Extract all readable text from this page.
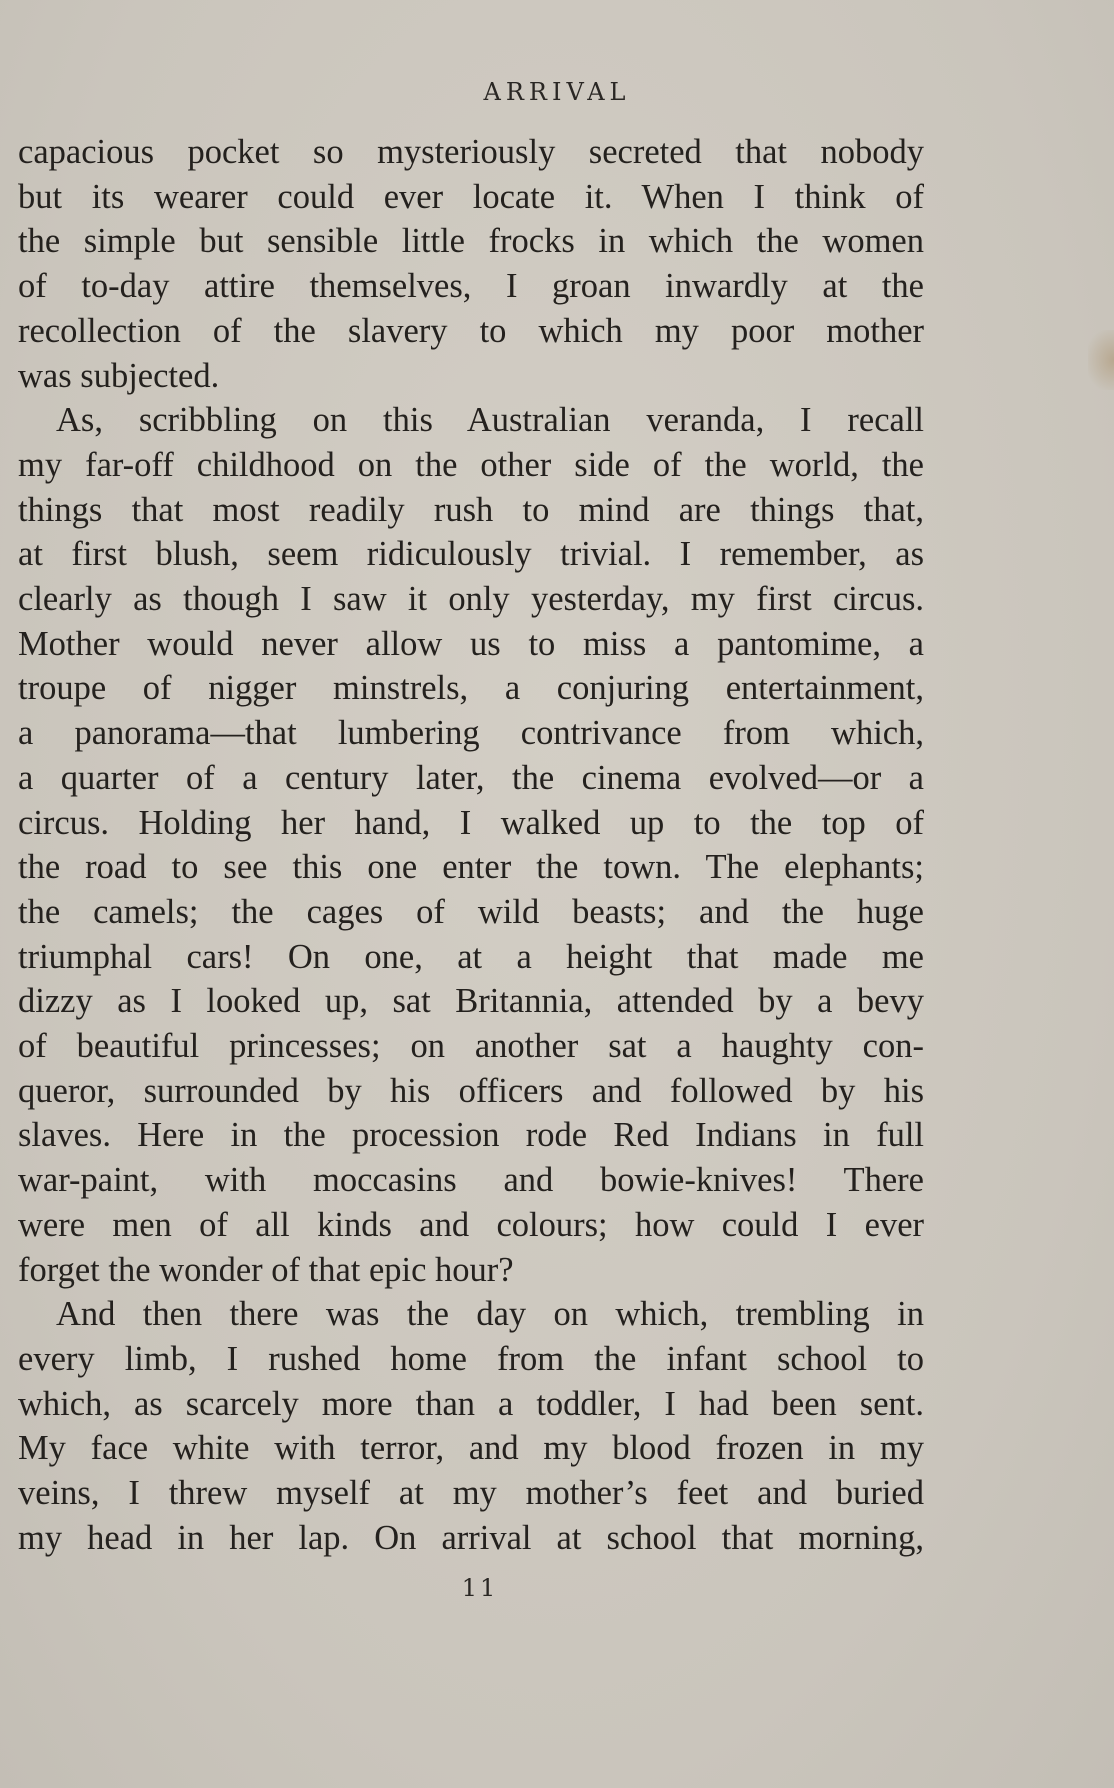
ARRIVAL
capacious pocket so mysteriously secreted that nobody
but its wearer could ever locate it. When I think of
the simple but sensible little frocks in which the women
of to-day attire themselves, I groan inwardly at the
recollection of the slavery to which my poor mother
was subjected.
As, scribbling on this Australian veranda, I recall
my far-off childhood on the other side of the world, the
things that most readily rush to mind are things that,
at first blush, seem ridiculously trivial. I remember, as
clearly as though I saw it only yesterday, my first circus.
Mother would never allow us to miss a pantomime, a
troupe of nigger minstrels, a conjuring entertainment,
a panorama—that lumbering contrivance from which,
a quarter of a century later, the cinema evolved—or a
circus. Holding her hand, I walked up to the top of
the road to see this one enter the town. The elephants;
the camels; the cages of wild beasts; and the huge
triumphal cars! On one, at a height that made me
dizzy as I looked up, sat Britannia, attended by a bevy
of beautiful princesses; on another sat a haughty con-
queror, surrounded by his officers and followed by his
slaves. Here in the procession rode Red Indians in full
war-paint, with moccasins and bowie-knives! There
were men of all kinds and colours; how could I ever
forget the wonder of that epic hour?
And then there was the day on which, trembling in
every limb, I rushed home from the infant school to
which, as scarcely more than a toddler, I had been sent.
My face white with terror, and my blood frozen in my
veins, I threw myself at my mother’s feet and buried
my head in her lap. On arrival at school that morning,
11
